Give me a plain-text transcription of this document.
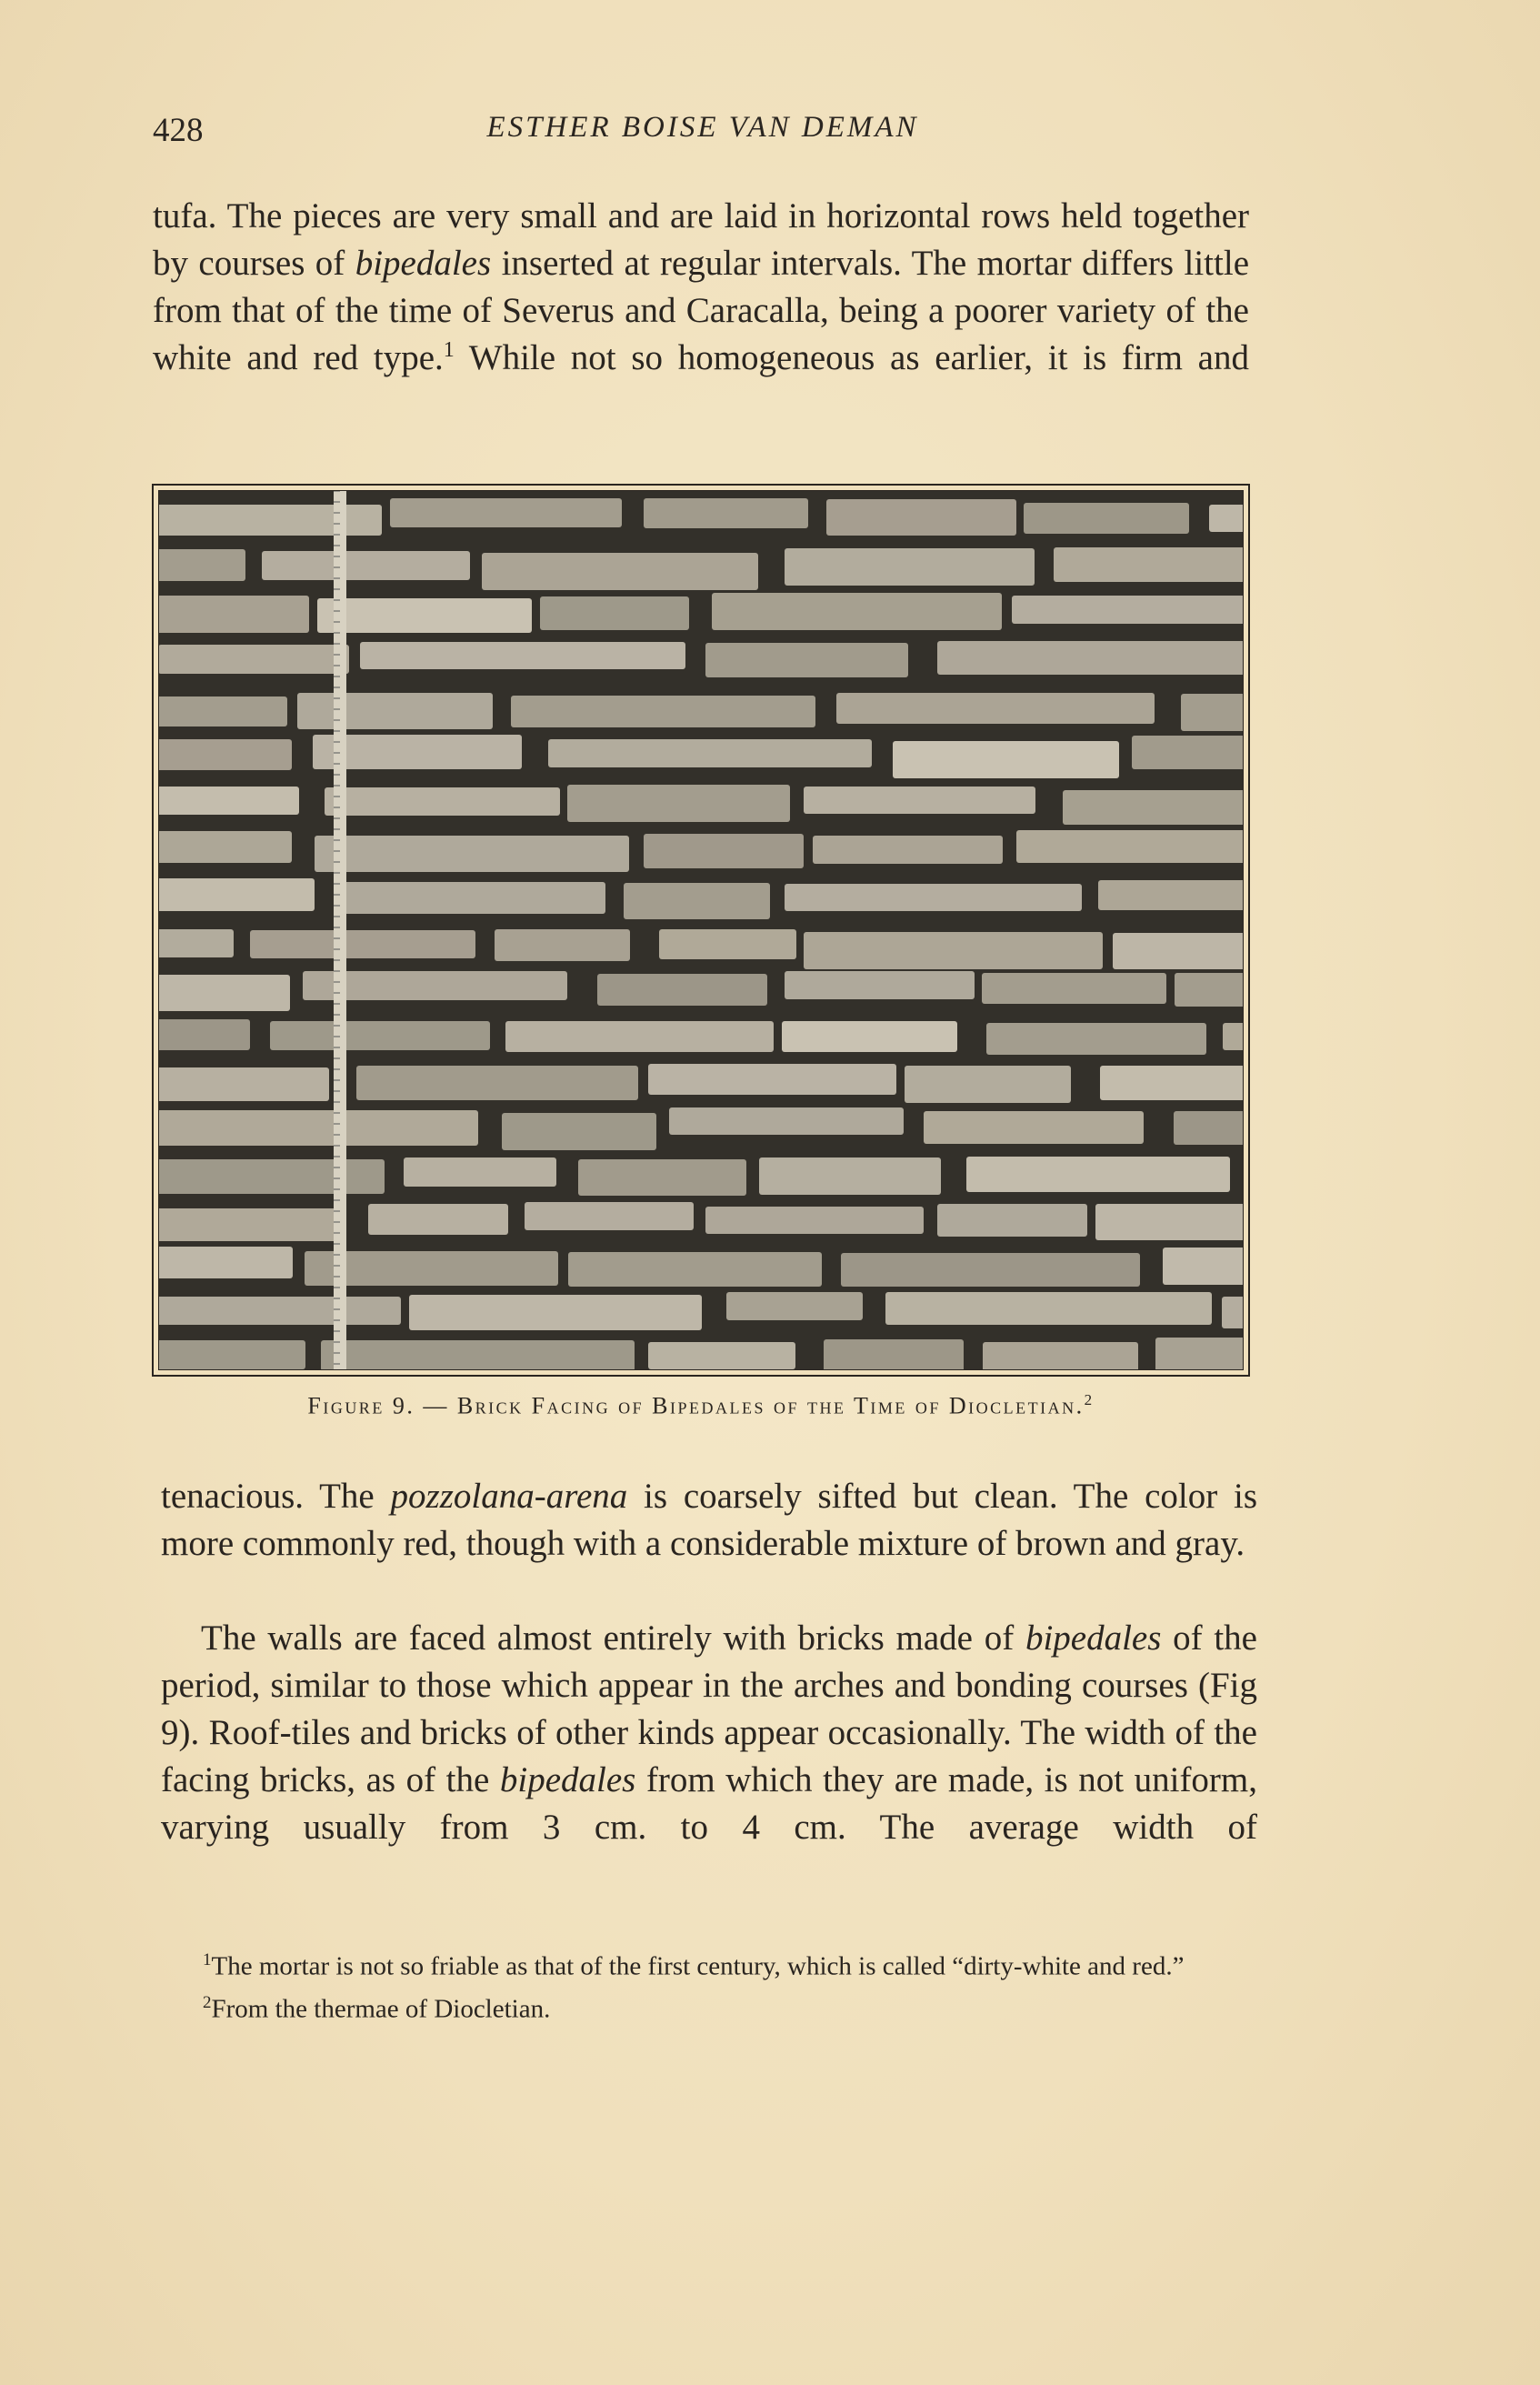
428	ESTHER BOISE VAN DEMAN

tufa. The pieces are very small and are laid in horizontal rows held together by courses of bipedales inserted at regular intervals. The mortar differs little from that of the time of Severus and Caracalla, being a poorer variety of the white and red type.$^1$ While not so homogeneous as earlier, it is firm and

Figure 9. — Brick Facing of Bipedales of the Time of Diocletian.$^2$

tenacious. The pozzolana-arena is coarsely sifted but clean. The color is more commonly red, though with a considerable mixture of brown and gray.

The walls are faced almost entirely with bricks made of bipedales of the period, similar to those which appear in the arches and bonding courses (Fig 9). Roof-tiles and bricks of other kinds appear occasionally. The width of the facing bricks, as of the bipedales from which they are made, is not uniform, varying usually from 3 cm. to 4 cm. The average width of

$^1$The mortar is not so friable as that of the first century, which is called “dirty-white and red.”

$^2$From the thermae of Diocletian.
